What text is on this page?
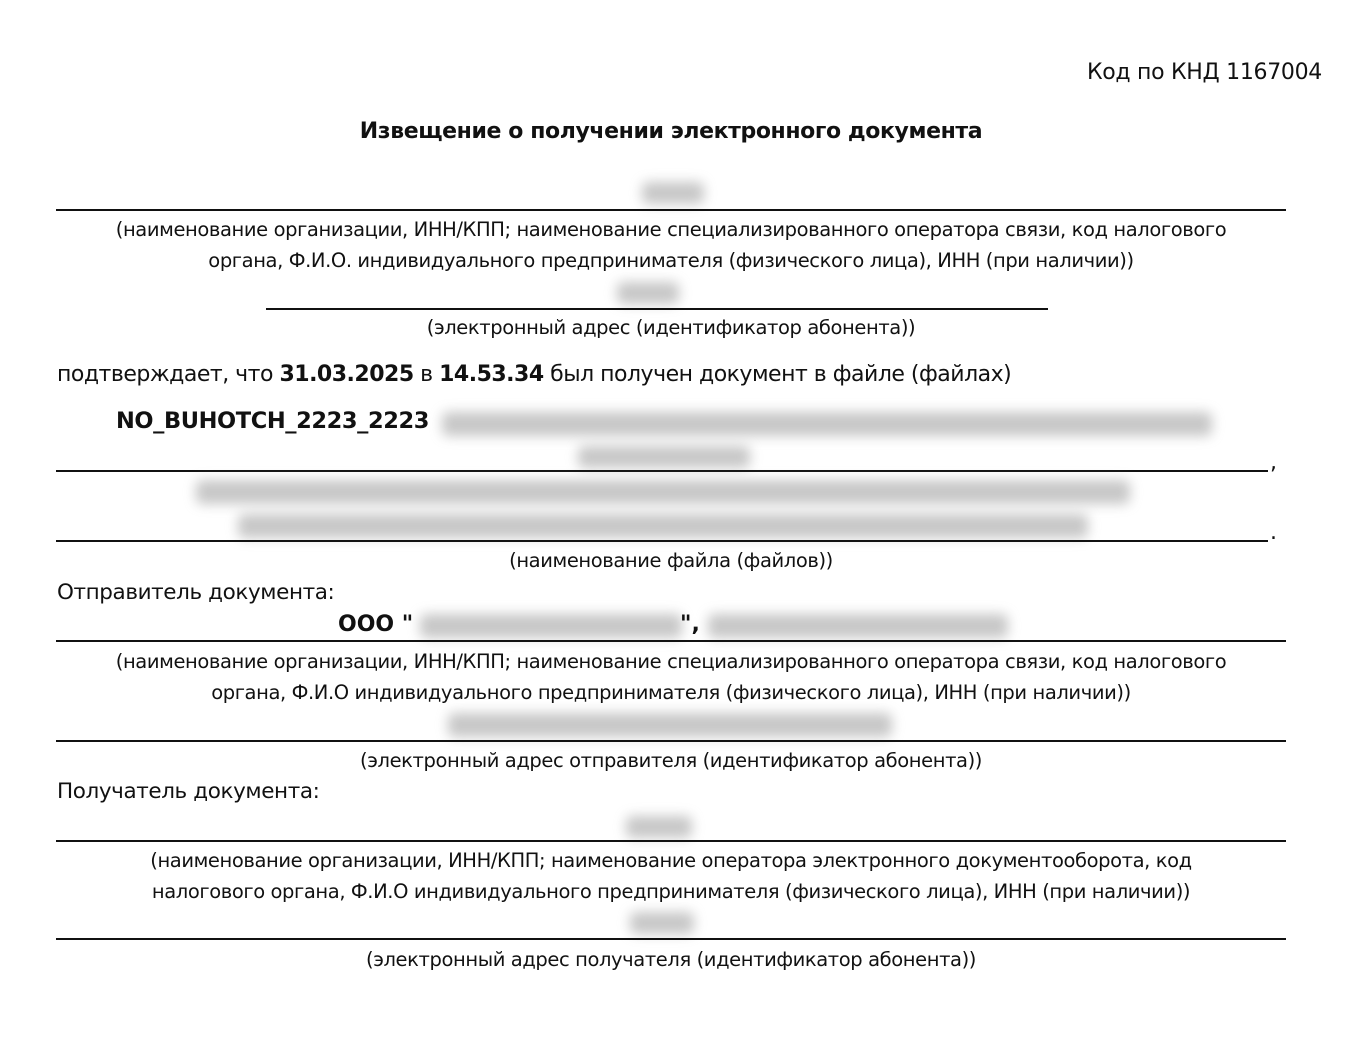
Код по КНД 1167004
Извещение о получении электронного документа
(наименование организации, ИНН/КПП; наименование специализированного оператора связи, код налогового
органа, Ф.И.О. индивидуального предпринимателя (физического лица), ИНН (при наличии))
(электронный адрес (идентификатор абонента))
подтверждает, что 31.03.2025 в 14.53.34 был получен документ в файле (файлах)
NO_BUHOTCH_2223_2223
,
.
(наименование файла (файлов))
Отправитель документа:
ООО "	",
(наименование организации, ИНН/КПП; наименование специализированного оператора связи, код налогового
органа, Ф.И.О индивидуального предпринимателя (физического лица), ИНН (при наличии))
(электронный адрес отправителя (идентификатор абонента))
Получатель документа:
(наименование организации, ИНН/КПП; наименование оператора электронного документооборота, код
налогового органа, Ф.И.О индивидуального предпринимателя (физического лица), ИНН (при наличии))
(электронный адрес получателя (идентификатор абонента))
